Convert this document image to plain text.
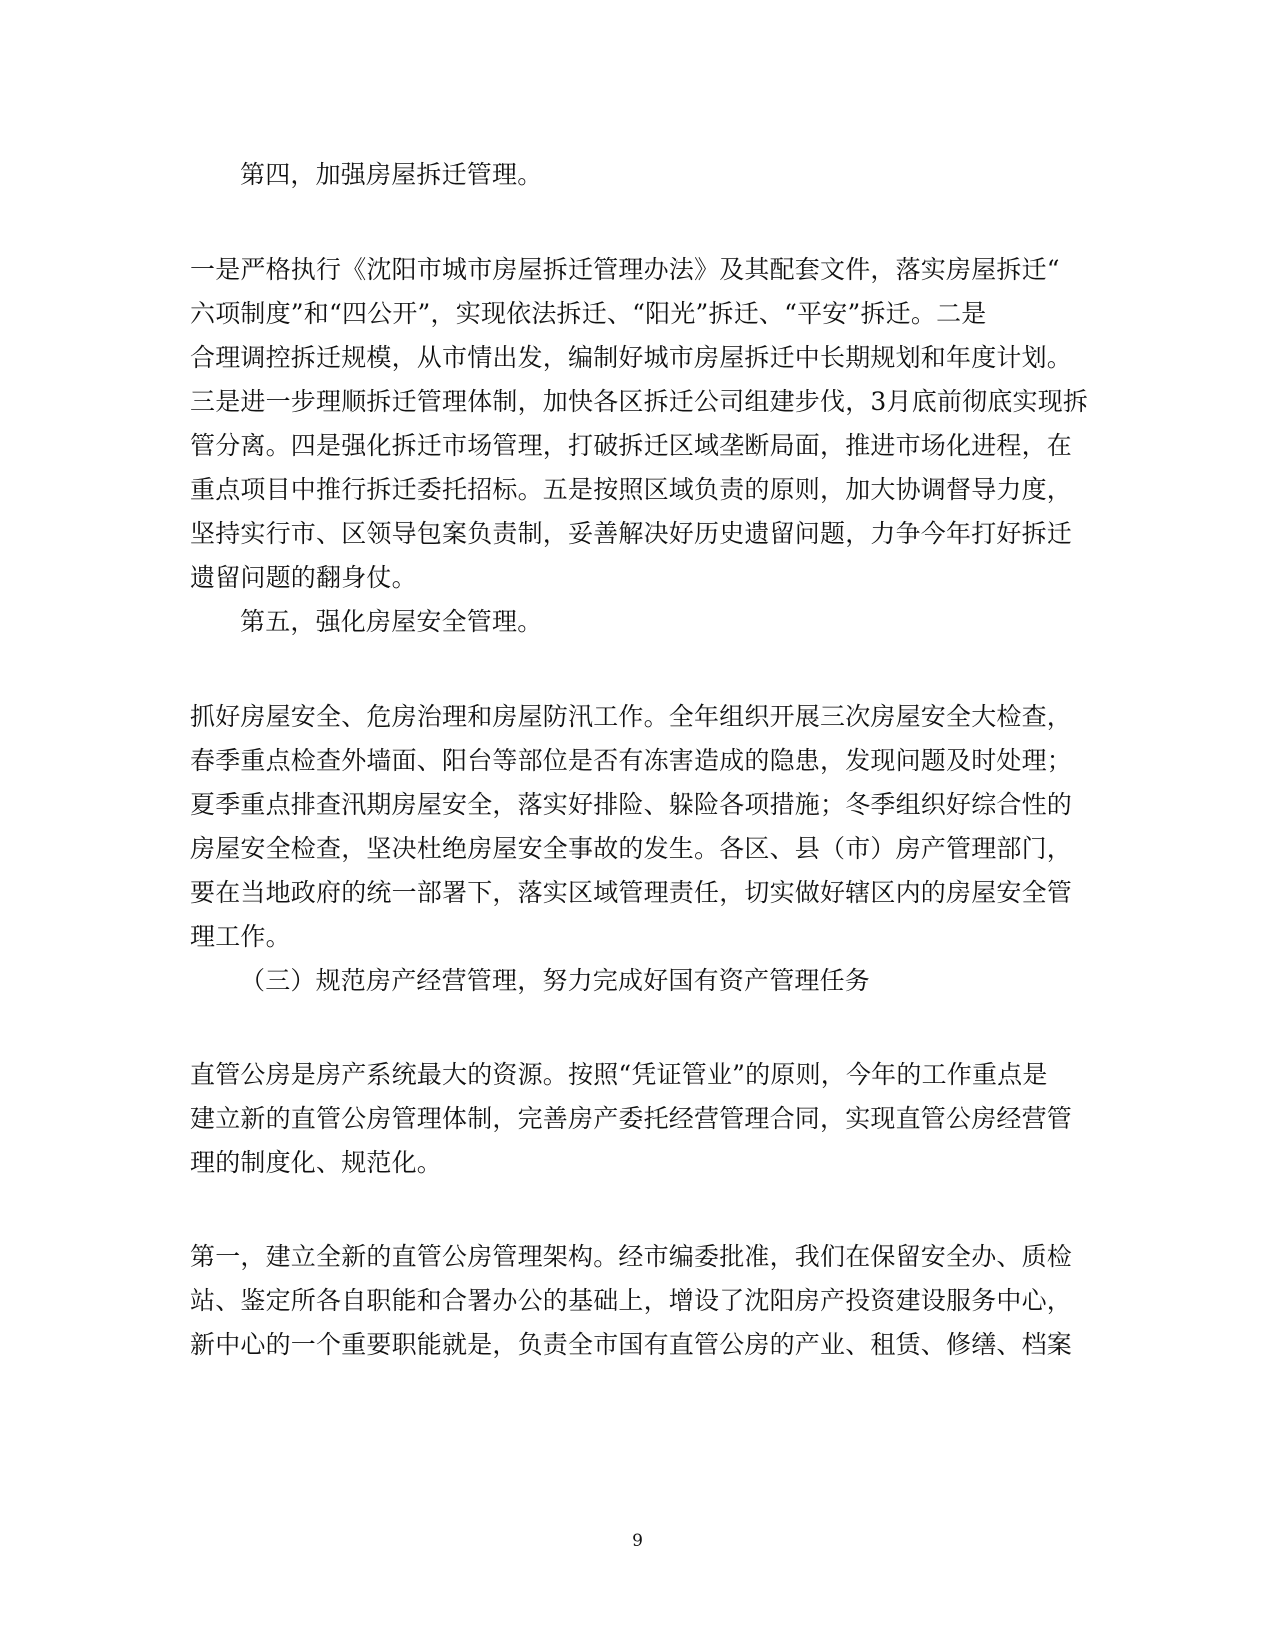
第四，加强房屋拆迁管理。
一是严格执行《沈阳市城市房屋拆迁管理办法》及其配套文件，落实房屋拆迁“
六项制度”和“四公开”，实现依法拆迁、“阳光”拆迁、“平安”拆迁。二是
合理调控拆迁规模，从市情出发，编制好城市房屋拆迁中长期规划和年度计划。
三是进一步理顺拆迁管理体制，加快各区拆迁公司组建步伐，3月底前彻底实现拆
管分离。四是强化拆迁市场管理，打破拆迁区域垄断局面，推进市场化进程，在
重点项目中推行拆迁委托招标。五是按照区域负责的原则，加大协调督导力度，
坚持实行市、区领导包案负责制，妥善解决好历史遗留问题，力争今年打好拆迁
遗留问题的翻身仗。
第五，强化房屋安全管理。
抓好房屋安全、危房治理和房屋防汛工作。全年组织开展三次房屋安全大检查，
春季重点检查外墙面、阳台等部位是否有冻害造成的隐患，发现问题及时处理；
夏季重点排查汛期房屋安全，落实好排险、躲险各项措施；冬季组织好综合性的
房屋安全检查，坚决杜绝房屋安全事故的发生。各区、县（市）房产管理部门，
要在当地政府的统一部署下，落实区域管理责任，切实做好辖区内的房屋安全管
理工作。
（三）规范房产经营管理，努力完成好国有资产管理任务
直管公房是房产系统最大的资源。按照“凭证管业”的原则，今年的工作重点是
建立新的直管公房管理体制，完善房产委托经营管理合同，实现直管公房经营管
理的制度化、规范化。
第一，建立全新的直管公房管理架构。经市编委批准，我们在保留安全办、质检
站、鉴定所各自职能和合署办公的基础上，增设了沈阳房产投资建设服务中心，
新中心的一个重要职能就是，负责全市国有直管公房的产业、租赁、修缮、档案
9
